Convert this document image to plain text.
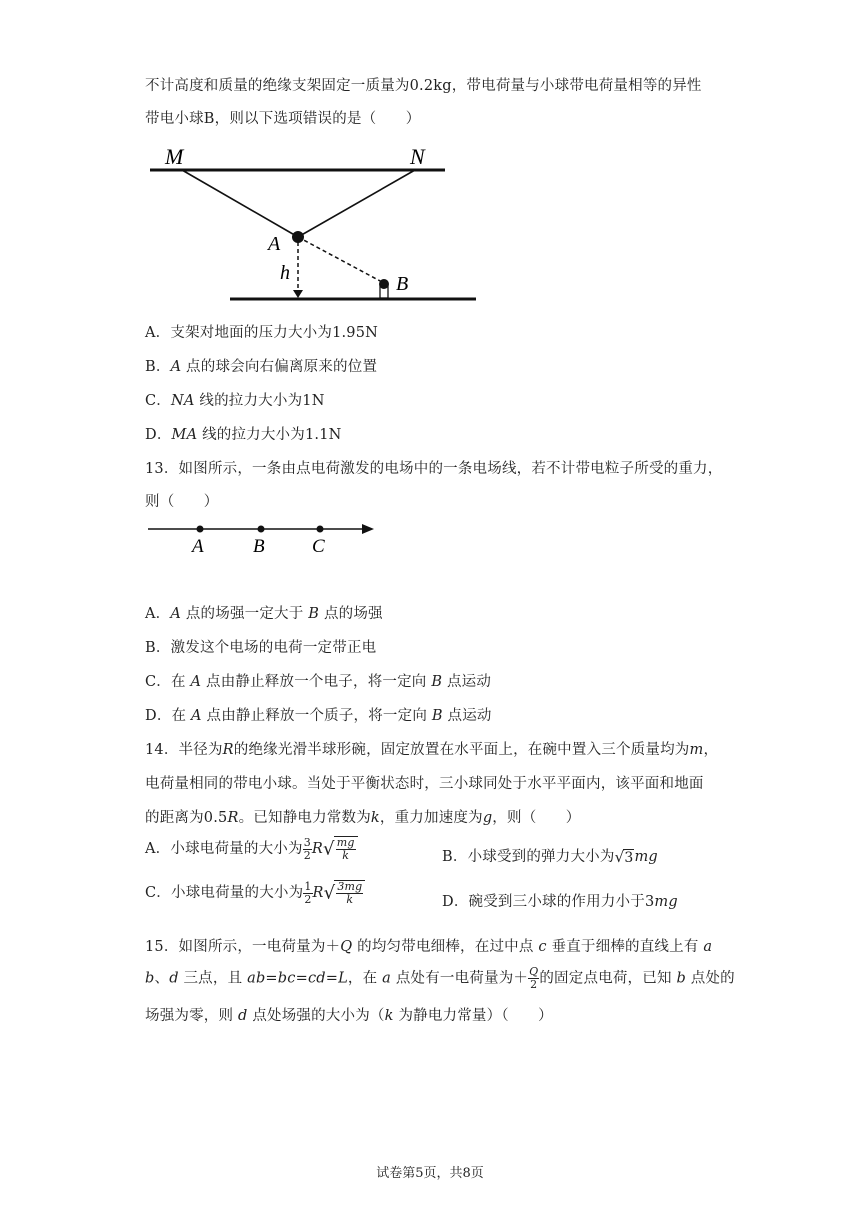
不计高度和质量的绝缘支架固定一质量为0.2kg，带电荷量与小球带电荷量相等的异性
带电小球B，则以下选项错误的是（　　）
M	N
A
h	B
A．支架对地面的压力大小为1.95N
B．A 点的球会向右偏离原来的位置
C．NA 线的拉力大小为1N
D．MA 线的拉力大小为1.1N
13．如图所示，一条由点电荷激发的电场中的一条电场线，若不计带电粒子所受的重力，
则（　　）
A	B C
A．A 点的场强一定大于 B 点的场强
B．激发这个电场的电荷一定带正电
C．在 A 点由静止释放一个电子，将一定向 B 点运动
D．在 A 点由静止释放一个质子，将一定向 B 点运动
14．半径为R的绝缘光滑半球形碗，固定放置在水平面上，在碗中置入三个质量均为m，
电荷量相同的带电小球。当处于平衡状态时，三小球同处于水平平面内，该平面和地面
的距离为0.5R。已知静电力常数为k，重力加速度为g，则（　　）
A．小球电荷量的大小为 $\frac{3}{2} R√ \frac{mg}{k}$	B．小球受到的弹力大小为√3mg
C．小球电荷量的大小为 $\frac{1}{2} R√ \frac{3mg}{k}$	D．碗受到三小球的作用力小于3mg
15．如图所示，一电荷量为＋Q 的均匀带电细棒，在过中点 c 垂直于细棒的直线上有 a
b、d 三点，且 ab=bc=cd=L，在 a 点处有一电荷量为＋ $\frac{Q}{2}$ 的固定点电荷，已知 b 点处的
场强为零，则 d 点处场强的大小为（k 为静电力常量）（　　）
试卷第5页，共8页
